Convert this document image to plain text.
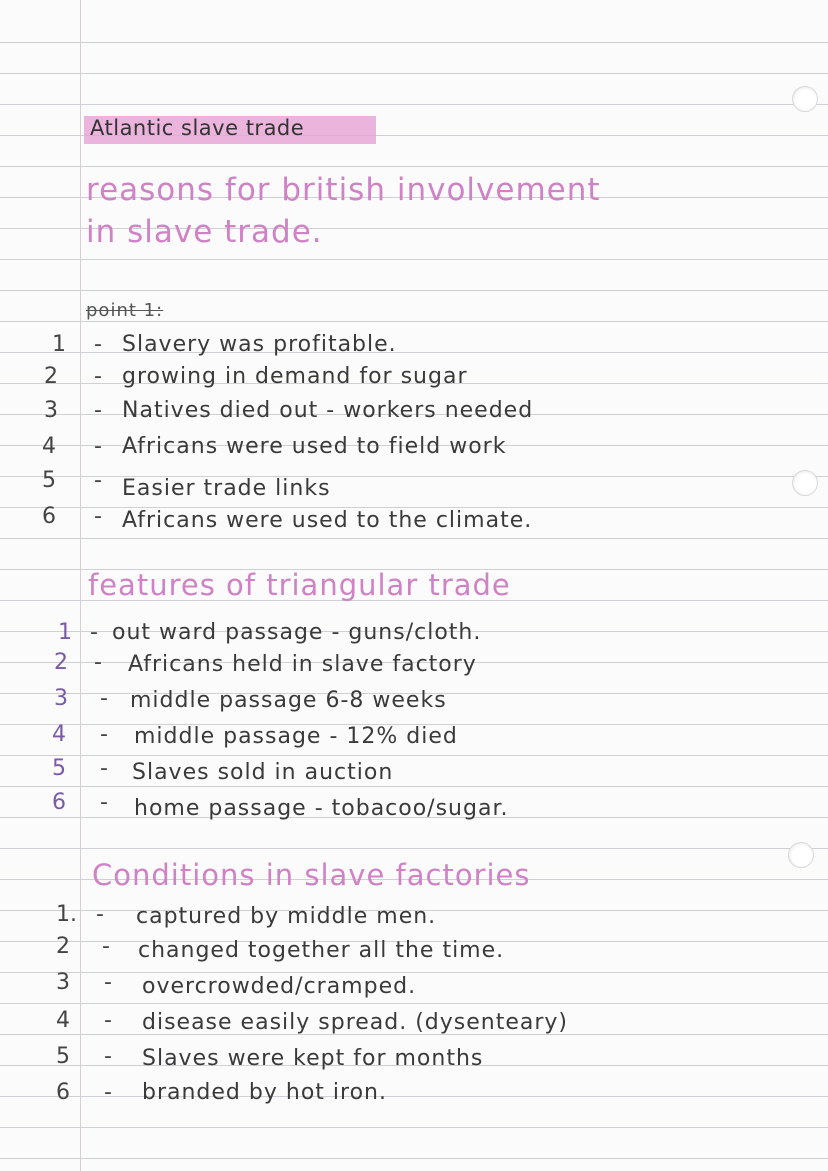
Atlantic slave trade
reasons for british involvement
in slave trade.
point 1:
1
2
3
4
5
6
-
-
-
-
-
-
Slavery was profitable.
growing in demand for sugar
Natives died out - workers needed
Africans were used to field work
Easier trade links
Africans were used to the climate.
features of triangular trade
1
2
3
4
5
6
-
-
-
-
-
-
out ward passage - guns/cloth.
Africans held in slave factory
middle passage 6-8 weeks
middle passage - 12% died
Slaves sold in auction
home passage - tobacoo/sugar.
Conditions in slave factories
1.
2
3
4
5
6
-
-
-
-
-
-
captured by middle men.
changed together all the time.
overcrowded/cramped.
disease easily spread. (dysenteary)
Slaves were kept for months
branded by hot iron.
